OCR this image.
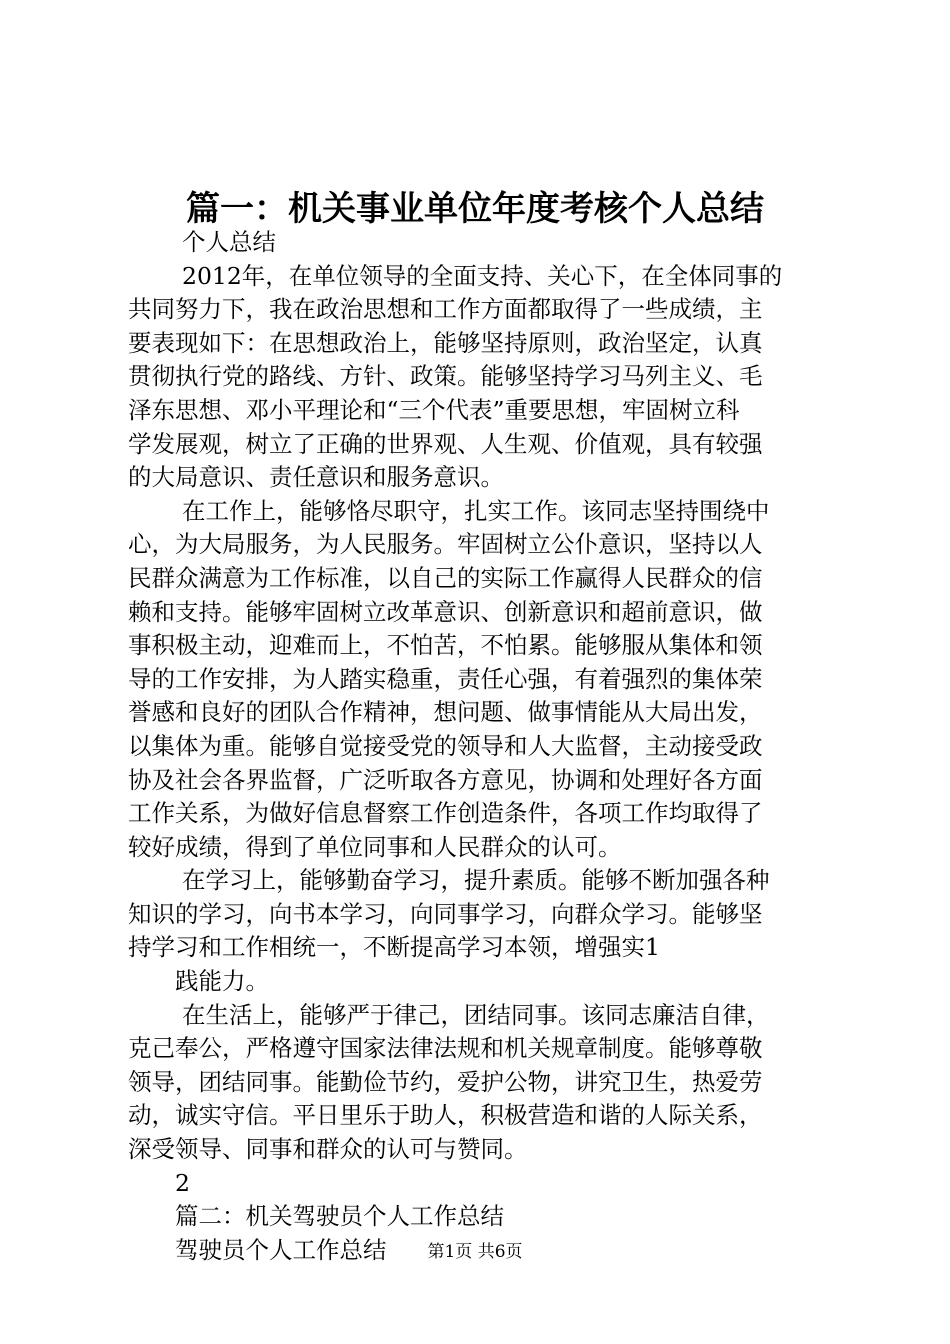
篇一：机关事业单位年度考核个人总结
个人总结
2012年，在单位领导的全面支持、关心下，在全体同事的
共同努力下，我在政治思想和工作方面都取得了一些成绩，主
要表现如下：在思想政治上，能够坚持原则，政治坚定，认真
贯彻执行党的路线、方针、政策。能够坚持学习马列主义、毛
泽东思想、邓小平理论和“三个代表”重要思想，牢固树立科
学发展观，树立了正确的世界观、人生观、价值观，具有较强
的大局意识、责任意识和服务意识。
在工作上，能够恪尽职守，扎实工作。该同志坚持围绕中
心，为大局服务，为人民服务。牢固树立公仆意识，坚持以人
民群众满意为工作标准，以自己的实际工作赢得人民群众的信
赖和支持。能够牢固树立改革意识、创新意识和超前意识，做
事积极主动，迎难而上，不怕苦，不怕累。能够服从集体和领
导的工作安排，为人踏实稳重，责任心强，有着强烈的集体荣
誉感和良好的团队合作精神，想问题、做事情能从大局出发，
以集体为重。能够自觉接受党的领导和人大监督，主动接受政
协及社会各界监督，广泛听取各方意见，协调和处理好各方面
工作关系，为做好信息督察工作创造条件，各项工作均取得了
较好成绩，得到了单位同事和人民群众的认可。
在学习上，能够勤奋学习，提升素质。能够不断加强各种
知识的学习，向书本学习，向同事学习，向群众学习。能够坚
持学习和工作相统一，不断提高学习本领，增强实1
践能力。
在生活上，能够严于律己，团结同事。该同志廉洁自律，
克己奉公，严格遵守国家法律法规和机关规章制度。能够尊敬
领导，团结同事。能勤俭节约，爱护公物，讲究卫生，热爱劳
动，诚实守信。平日里乐于助人，积极营造和谐的人际关系，
深受领导、同事和群众的认可与赞同。
2
篇二：机关驾驶员个人工作总结
驾驶员个人工作总结	第1页 共6页
